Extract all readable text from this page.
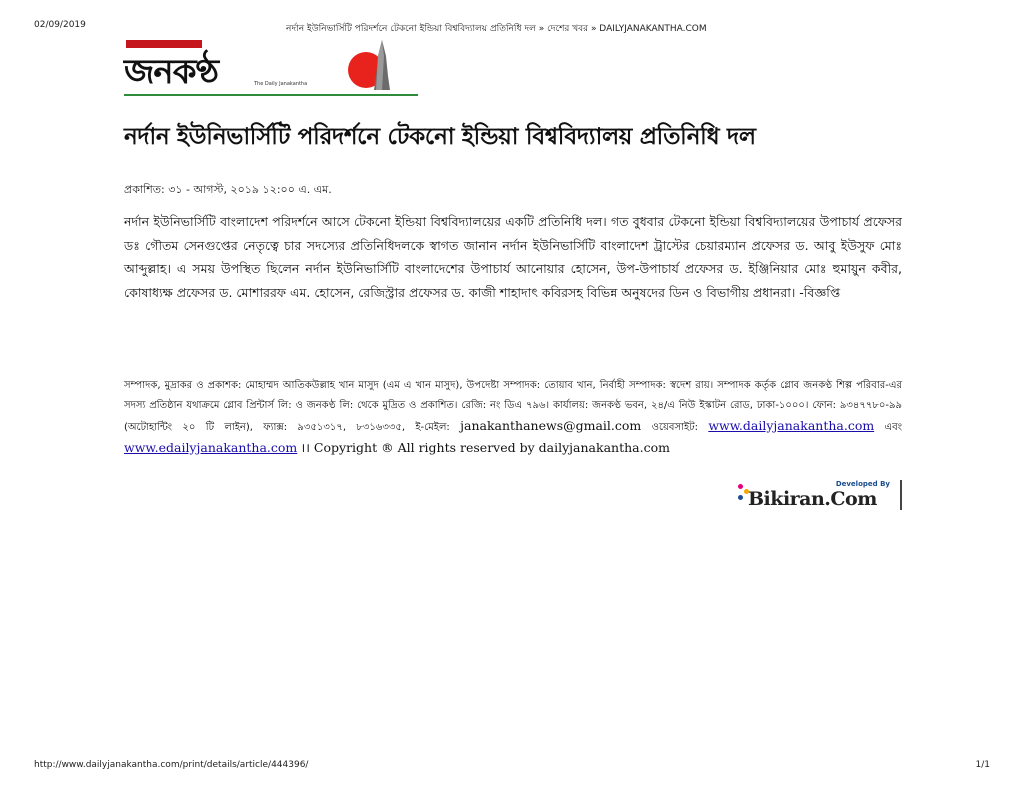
02/09/2019	নর্দান ইউনিভার্সিটি পরিদর্শনে টেকনো ইন্ডিয়া বিশ্ববিদ্যালয় প্রতিনিধি দল » দেশের খবর » DAILYJANAKANTHA.COM
জনকণ্ঠ	The Daily Janakantha
নর্দান ইউনিভার্সিটি পরিদর্শনে টেকনো ইন্ডিয়া বিশ্ববিদ্যালয় প্রতিনিধি দল
প্রকাশিত: ৩১ - আগস্ট, ২০১৯ ১২:০০ এ. এম.

নর্দান ইউনিভার্সিটি বাংলাদেশ পরিদর্শনে আসে টেকনো ইন্ডিয়া বিশ্ববিদ্যালয়ের একটি প্রতিনিধি দল। গত বুধবার টেকনো ইন্ডিয়া বিশ্ববিদ্যালয়ের উপাচার্য প্রফেসর ডঃ গৌতম সেনগুপ্তের নেতৃত্বে চার সদস্যের প্রতিনিধিদলকে স্বাগত জানান নর্দান ইউনিভার্সিটি বাংলাদেশ ট্রাস্টের চেয়ারম্যান প্রফেসর ড. আবু ইউসুফ মোঃ আব্দুল্লাহ। এ সময় উপস্থিত ছিলেন নর্দান ইউনিভার্সিটি বাংলাদেশের উপাচার্য আনোয়ার হোসেন, উপ-উপাচার্য প্রফেসর ড. ইঞ্জিনিয়ার মোঃ হুমায়ুন কবীর, কোষাধ্যক্ষ প্রফেসর ড. মোশাররফ এম. হোসেন, রেজিস্ট্রার প্রফেসর ড. কাজী শাহাদাৎ কবিরসহ বিভিন্ন অনুষদের ডিন ও বিভাগীয় প্রধানরা। -বিজ্ঞপ্তি

সম্পাদক, মুদ্রাকর ও প্রকাশক: মোহাম্মদ আতিকউল্লাহ খান মাসুদ (এম এ খান মাসুদ), উপদেষ্টা সম্পাদক: তোয়াব খান, নির্বাহী সম্পাদক: স্বদেশ রায়। সম্পাদক কর্তৃক গ্লোব জনকণ্ঠ শিল্প পরিবার-এর সদস্য প্রতিষ্ঠান যথাক্রমে গ্লোব প্রিন্টার্স লি: ও জনকণ্ঠ লি: থেকে মুদ্রিত ও প্রকাশিত। রেজি: নং ডিএ ৭৯৬। কার্যালয়: জনকণ্ঠ ভবন, ২৪/এ নিউ ইস্কাটন রোড, ঢাকা-১০০০। ফোন: ৯৩৪৭৭৮০-৯৯ (অটোহান্টিং ২০ টি লাইন), ফ্যাক্স: ৯৩৫১৩১৭, ৮৩১৬৩৩৫, ই-মেইল: janakanthanews@gmail.com ওয়েবসাইট: www.dailyjanakantha.com এবং www.edailyjanakantha.com ।। Copyright ® All rights reserved by dailyjanakantha.com

Developed By
Bikiran.Com
http://www.dailyjanakantha.com/print/details/article/444396/	1/1
